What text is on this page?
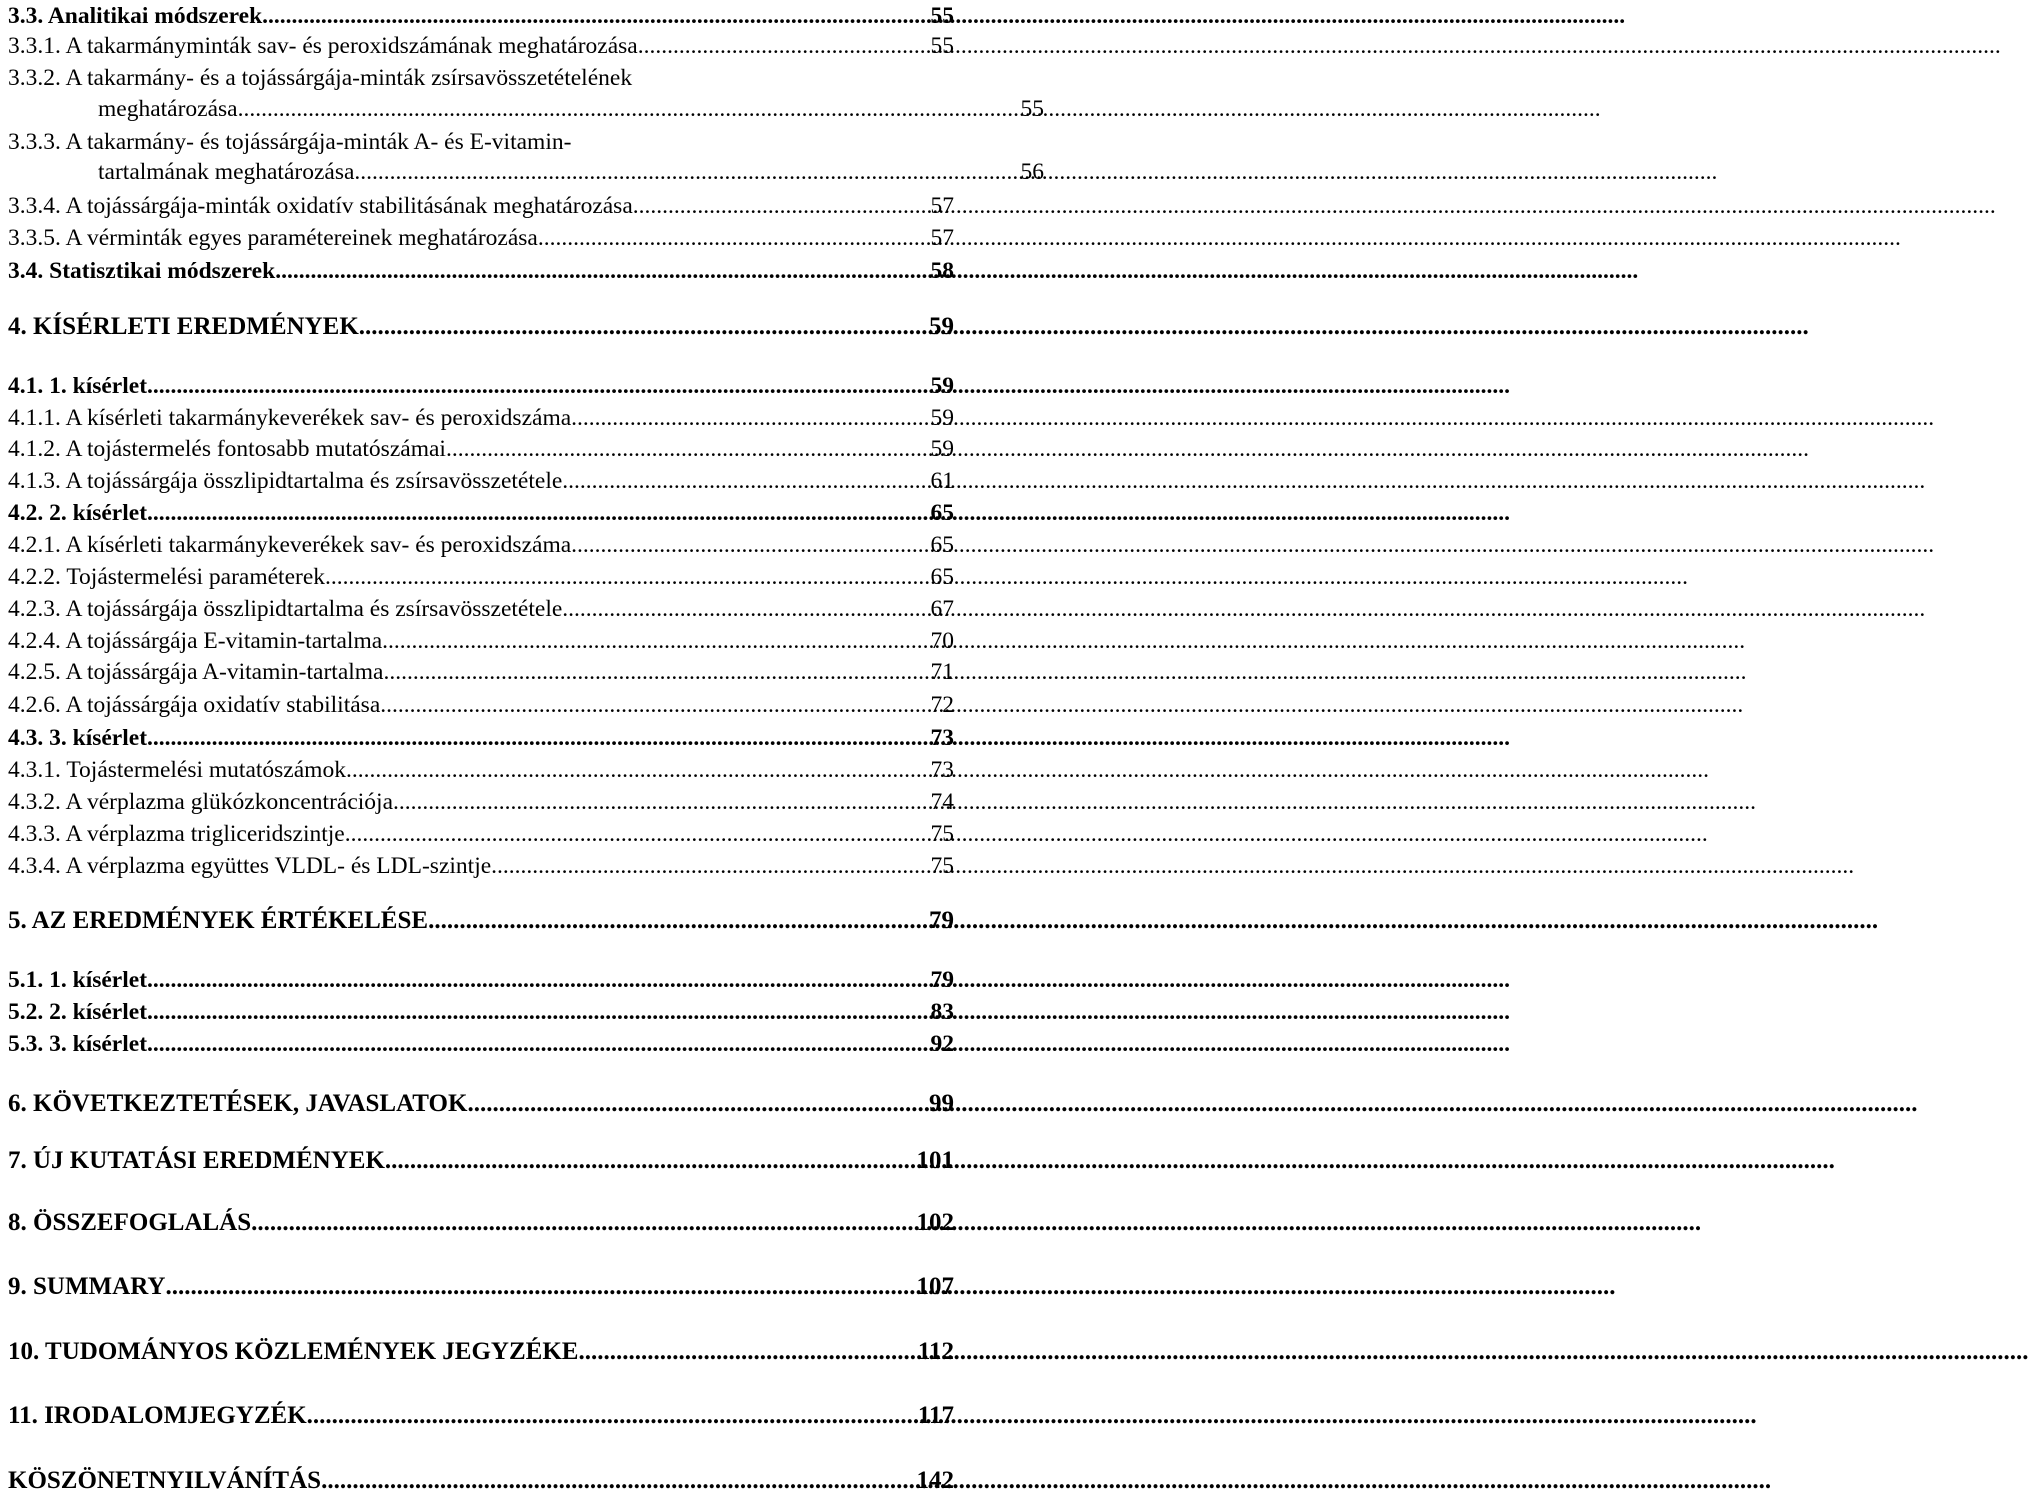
3.3. Analitikai módszerek .....	55
3.3.1. A takarmányminták sav- és peroxidszámának meghatározása .....	55
3.3.2. A takarmány- és a tojássárgája-minták zsírsavösszetételének
meghatározása .....	55
3.3.3. A takarmány- és tojássárgája-minták A- és E-vitamin-
tartalmának meghatározása .....	56
3.3.4. A tojássárgája-minták oxidatív stabilitásának meghatározása .....	57
3.3.5. A vérminták egyes paramétereinek meghatározása .....	57
3.4. Statisztikai módszerek .....	58
4. KÍSÉRLETI EREDMÉNYEK .....	59
4.1. 1. kísérlet .....	59
4.1.1. A kísérleti takarmánykeverékek sav- és peroxidszáma .....	59
4.1.2. A tojástermelés fontosabb mutatószámai .....	59
4.1.3. A tojássárgája összlipidtartalma és zsírsavösszetétele .....	61
4.2. 2. kísérlet .....	65
4.2.1. A kísérleti takarmánykeverékek sav- és peroxidszáma .....	65
4.2.2. Tojástermelési paraméterek .....	65
4.2.3. A tojássárgája összlipidtartalma és zsírsavösszetétele .....	67
4.2.4. A tojássárgája E-vitamin-tartalma .....	70
4.2.5. A tojássárgája A-vitamin-tartalma .....	71
4.2.6. A tojássárgája oxidatív stabilitása .....	72
4.3. 3. kísérlet .....	73
4.3.1. Tojástermelési mutatószámok .....	73
4.3.2. A vérplazma glükózkoncentrációja .....	74
4.3.3. A vérplazma trigliceridszintje .....	75
4.3.4. A vérplazma együttes VLDL- és LDL-szintje .....	75
5. AZ EREDMÉNYEK ÉRTÉKELÉSE .....	79
5.1. 1. kísérlet .....	79
5.2. 2. kísérlet .....	83
5.3. 3. kísérlet .....	92
6. KÖVETKEZTETÉSEK, JAVASLATOK .....	99
7. ÚJ KUTATÁSI EREDMÉNYEK .....	101
8. ÖSSZEFOGLALÁS .....	102
9. SUMMARY .....	107
10. TUDOMÁNYOS KÖZLEMÉNYEK JEGYZÉKE .....	112
11. IRODALOMJEGYZÉK .....	117
KÖSZÖNETNYILVÁNÍTÁS .....	142
